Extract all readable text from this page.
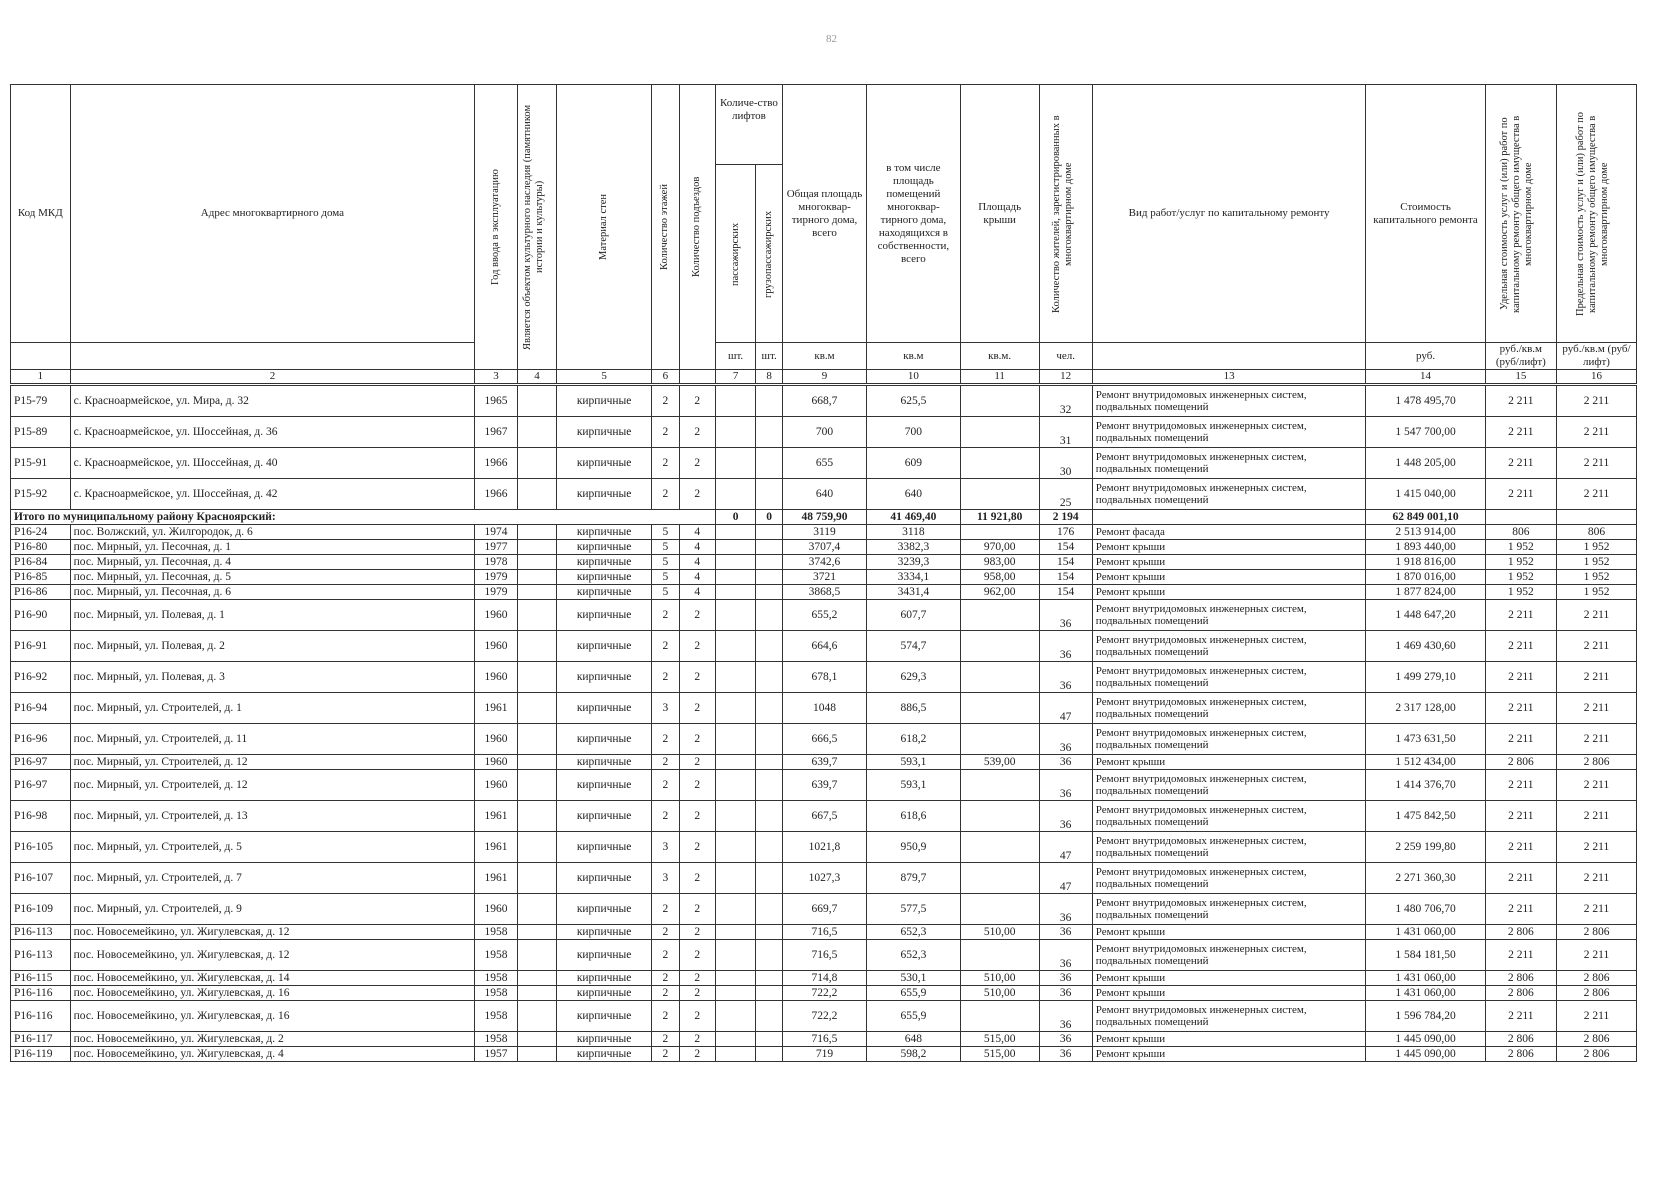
82
Код МКД	Адрес многоквартирного дома	Год ввода в эксплуатацию	Является объектом культурного наследия (памятником истории и культуры)	Материал стен	Количество этажей	Количество подъездов	Количе-ство лифтов		Общая площадь многоквар-тирного дома, всего	в том числе площадь помещений многоквар-тирного дома, находящихся в собственности, всего	Площадь крыши	Количество жителей, зарегистрированных в многоквартирном доме	Вид работ/услуг по капитальному ремонту	Стоимость капитального ремонта	Удельная стоимость услуг и (или) работ по капитальному ремонту общего имущества в многоквартирном доме	Предельная стоимость услуг и (или) работ по капитальному ремонту общего имущества в многоквартирном доме

							пассажирских	грузопассажирских								

							шт.	шт.	кв.м	кв.м	кв.м.	чел.		руб.	руб./кв.м (руб/лифт)	руб./кв.м (руб/лифт)
1	2	3	4	5	6		7	8	9	10	11	12	13	14	15	16
Р15-79	с. Красноармейское, ул. Мира, д. 32	1965		кирпичные	2	2			668,7	625,5		32	Ремонт внутридомовых инженерных систем, подвальных помещений	1 478 495,70	2 211	2 211
Р15-89	с. Красноармейское, ул. Шоссейная, д. 36	1967		кирпичные	2	2			700	700		31	Ремонт внутридомовых инженерных систем, подвальных помещений	1 547 700,00	2 211	2 211
Р15-91	с. Красноармейское, ул. Шоссейная, д. 40	1966		кирпичные	2	2			655	609		30	Ремонт внутридомовых инженерных систем, подвальных помещений	1 448 205,00	2 211	2 211
Р15-92	с. Красноармейское, ул. Шоссейная, д. 42	1966		кирпичные	2	2			640	640		25	Ремонт внутридомовых инженерных систем, подвальных помещений	1 415 040,00	2 211	2 211
Итого по муниципальному району Красноярский:							0	0	48 759,90	41 469,40	11 921,80	2 194		62 849 001,10		
Р16-24	пос. Волжский, ул. Жилгородок, д. 6	1974		кирпичные	5	4			3119	3118		176	Ремонт фасада	2 513 914,00	806	806
Р16-80	пос. Мирный, ул. Песочная, д. 1	1977		кирпичные	5	4			3707,4	3382,3	970,00	154	Ремонт крыши	1 893 440,00	1 952	1 952
Р16-84	пос. Мирный, ул. Песочная, д. 4	1978		кирпичные	5	4			3742,6	3239,3	983,00	154	Ремонт крыши	1 918 816,00	1 952	1 952
Р16-85	пос. Мирный, ул. Песочная, д. 5	1979		кирпичные	5	4			3721	3334,1	958,00	154	Ремонт крыши	1 870 016,00	1 952	1 952
Р16-86	пос. Мирный, ул. Песочная, д. 6	1979		кирпичные	5	4			3868,5	3431,4	962,00	154	Ремонт крыши	1 877 824,00	1 952	1 952
Р16-90	пос. Мирный, ул. Полевая, д. 1	1960		кирпичные	2	2			655,2	607,7		36	Ремонт внутридомовых инженерных систем, подвальных помещений	1 448 647,20	2 211	2 211
Р16-91	пос. Мирный, ул. Полевая, д. 2	1960		кирпичные	2	2			664,6	574,7		36	Ремонт внутридомовых инженерных систем, подвальных помещений	1 469 430,60	2 211	2 211
Р16-92	пос. Мирный, ул. Полевая, д. 3	1960		кирпичные	2	2			678,1	629,3		36	Ремонт внутридомовых инженерных систем, подвальных помещений	1 499 279,10	2 211	2 211
Р16-94	пос. Мирный, ул. Строителей, д. 1	1961		кирпичные	3	2			1048	886,5		47	Ремонт внутридомовых инженерных систем, подвальных помещений	2 317 128,00	2 211	2 211
Р16-96	пос. Мирный, ул. Строителей, д. 11	1960		кирпичные	2	2			666,5	618,2		36	Ремонт внутридомовых инженерных систем, подвальных помещений	1 473 631,50	2 211	2 211
Р16-97	пос. Мирный, ул. Строителей, д. 12	1960		кирпичные	2	2			639,7	593,1	539,00	36	Ремонт крыши	1 512 434,00	2 806	2 806
Р16-97	пос. Мирный, ул. Строителей, д. 12	1960		кирпичные	2	2			639,7	593,1		36	Ремонт внутридомовых инженерных систем, подвальных помещений	1 414 376,70	2 211	2 211
Р16-98	пос. Мирный, ул. Строителей, д. 13	1961		кирпичные	2	2			667,5	618,6		36	Ремонт внутридомовых инженерных систем, подвальных помещений	1 475 842,50	2 211	2 211
Р16-105	пос. Мирный, ул. Строителей, д. 5	1961		кирпичные	3	2			1021,8	950,9		47	Ремонт внутридомовых инженерных систем, подвальных помещений	2 259 199,80	2 211	2 211
Р16-107	пос. Мирный, ул. Строителей, д. 7	1961		кирпичные	3	2			1027,3	879,7		47	Ремонт внутридомовых инженерных систем, подвальных помещений	2 271 360,30	2 211	2 211
Р16-109	пос. Мирный, ул. Строителей, д. 9	1960		кирпичные	2	2			669,7	577,5		36	Ремонт внутридомовых инженерных систем, подвальных помещений	1 480 706,70	2 211	2 211
Р16-113	пос. Новосемейкино, ул. Жигулевская, д. 12	1958		кирпичные	2	2			716,5	652,3	510,00	36	Ремонт крыши	1 431 060,00	2 806	2 806
Р16-113	пос. Новосемейкино, ул. Жигулевская, д. 12	1958		кирпичные	2	2			716,5	652,3		36	Ремонт внутридомовых инженерных систем, подвальных помещений	1 584 181,50	2 211	2 211
Р16-115	пос. Новосемейкино, ул. Жигулевская, д. 14	1958		кирпичные	2	2			714,8	530,1	510,00	36	Ремонт крыши	1 431 060,00	2 806	2 806
Р16-116	пос. Новосемейкино, ул. Жигулевская, д. 16	1958		кирпичные	2	2			722,2	655,9	510,00	36	Ремонт крыши	1 431 060,00	2 806	2 806
Р16-116	пос. Новосемейкино, ул. Жигулевская, д. 16	1958		кирпичные	2	2			722,2	655,9		36	Ремонт внутридомовых инженерных систем, подвальных помещений	1 596 784,20	2 211	2 211
Р16-117	пос. Новосемейкино, ул. Жигулевская, д. 2	1958		кирпичные	2	2			716,5	648	515,00	36	Ремонт крыши	1 445 090,00	2 806	2 806
Р16-119	пос. Новосемейкино, ул. Жигулевская, д. 4	1957		кирпичные	2	2			719	598,2	515,00	36	Ремонт крыши	1 445 090,00	2 806	2 806
